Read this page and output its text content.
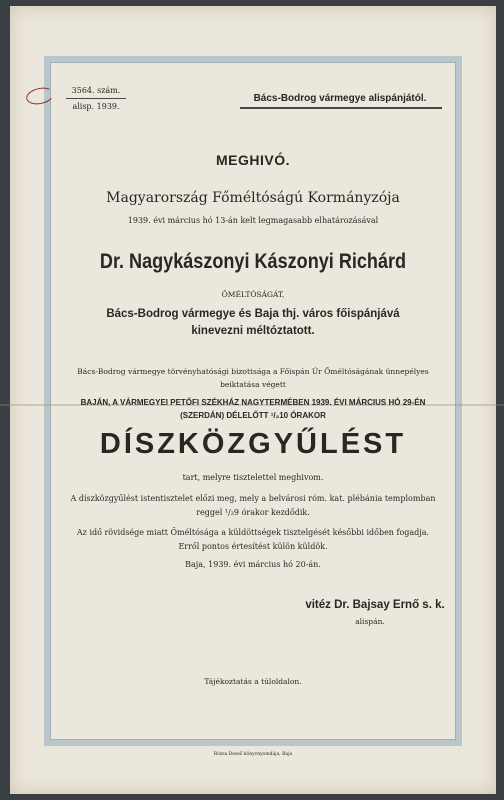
3564. szám.
alisp. 1939.
Bács-Bodrog vármegye alispánjától.
MEGHIVÓ.
Magyarország Főméltóságú Kormányzója
1939. évi március hó 13-án kelt legmagasabb elhatározásával
Dr. Nagykászonyi Kászonyi Richárd
ŐMÉLTÓSÁGÁT,
Bács-Bodrog vármegye és Baja thj. város főispánjává
kinevezni méltóztatott.
Bács-Bodrog vármegye törvényhatósági bizottsága a Főispán Úr Őméltóságának ünnepélyes
beiktatása végett
BAJÁN, A VÁRMEGYEI PETŐFI SZÉKHÁZ NAGYTERMÉBEN 1939. ÉVI MÁRCIUS HÓ 29-ÉN
(SZERDÁN) DÉLELŐTT ¹/₂10 ÓRAKOR
DÍSZKÖZGYŰLÉST
tart, melyre tisztelettel meghivom.
A díszközgyűlést istentisztelet előzi meg, mely a belvárosi róm. kat. plébánia templomban
reggel ¹/₂9 órakor kezdődik.
Az idő rövidsége miatt Őméltósága a küldöttségek tisztelgését későbbi időben fogadja.
Erről pontos értesítést külön küldök.
Baja, 1939. évi március hó 20-án.
vitéz Dr. Bajsay Ernő s. k.
alispán.
Tájékoztatás a túloldalon.
Rózsa Dezső könyvnyomdája, Baja
